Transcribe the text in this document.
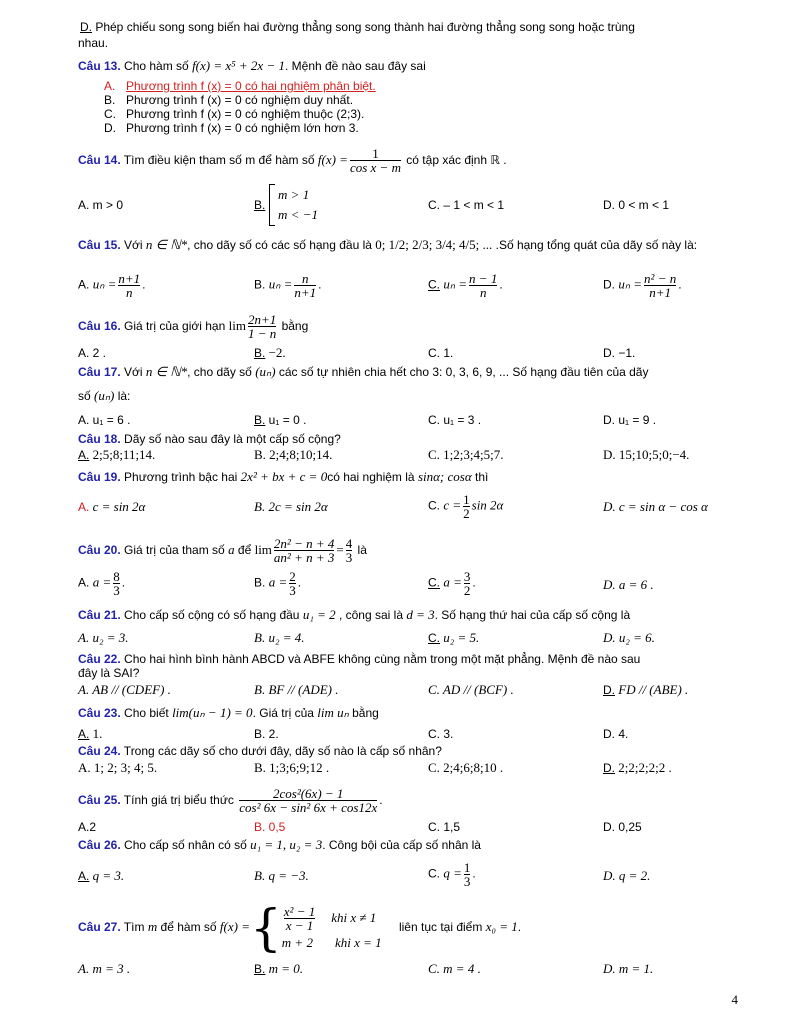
D. Phép chiếu song song biến hai đường thẳng song song thành hai đường thẳng song song hoặc trùng
nhau.
Câu 13. Cho hàm số f(x) = x⁵ + 2x − 1. Mệnh đề nào sau đây sai
A. Phương trình f (x) = 0 có hai nghiệm phân biệt.
B. Phương trình f (x) = 0 có nghiệm duy nhất.
C. Phương trình f (x) = 0 có nghiệm thuộc (2;3).
D. Phương trình f (x) = 0 có nghiệm lớn hơn 3.
Câu 14. Tìm điều kiện tham số m để hàm số $f(x) = \frac{1}{\text{cos x − m}}$ có tập xác định ℝ .
A. m > 0	B.
m > 1
m < −1
C. – 1 < m < 1	D. 0 < m < 1
Câu 15. Với n ∈ ℕ*, cho dãy số có các số hạng đầu là 0; 1/2; 2/3; 3/4; 4/5; ... .Số hạng tổng quát của dãy số này là:
A. $u_n = \frac{n+1}{n}$ .	B. $u_n = \frac{n}{n+1}$ .	C. $u_n = \frac{n - 1}{n}$ .	D. $u_n = \frac{\text{n² − n}}{n+1}$ .
Câu 16. Giá trị của giới hạn $\lim \frac{2n+1}{1 - n}$ bằng
A. 2 .	B. −2.	C. 1.	D. −1.
Câu 17. Với n ∈ ℕ*, cho dãy số (uₙ) các số tự nhiên chia hết cho 3: 0, 3, 6, 9, ... Số hạng đầu tiên của dãy
số (uₙ) là:
A. u₁ = 6 .	B. u₁ = 0 .	C. u₁ = 3 .	D. u₁ = 9 .
Câu 18. Dãy số nào sau đây là một cấp số cộng?
A. 2;5;8;11;14.	B. 2;4;8;10;14.	C. 1;2;3;4;5;7.	D. 15;10;5;0;−4.
Câu 19. Phương trình bậc hai 2x² + bx + c = 0có hai nghiệm là sinα; cosα thì
A. c = sin 2α	B. 2c = sin 2α	C. $c = \frac{1}{2}$ sin 2α	D. c = sin α − cos α
Câu 20. Giá trị của tham số a để $\lim \frac{\text{2n² − n + 4}}{\text{an² + n + 3}} = \frac{4}{3}$ là
A. $a = \frac{8}{3}$ .	B. $a = \frac{2}{3}$ .	C. $a = \frac{3}{2}$ .	D. a = 6 .
Câu 21. Cho cấp số cộng có số hạng đầu u₁ = 2 , công sai là d = 3. Số hạng thứ hai của cấp số cộng là
A. u₂ = 3.	B. u₂ = 4.	C. u₂ = 5.	D. u₂ = 6.
Câu 22. Cho hai hình bình hành ABCD và ABFE không cùng nằm trong một mặt phẳng. Mệnh đề nào sau
đây là SAI?
A. AB // (CDEF) .	B. BF // (ADE) .	C. AD // (BCF) .	D. FD // (ABE) .
Câu 23. Cho biết lim(uₙ − 1) = 0. Giá trị của lim uₙ bằng
A. 1.	B. 2.	C. 3.	D. 4.
Câu 24. Trong các dãy số cho dưới đây, dãy số nào là cấp số nhân?
A. 1; 2; 3; 4; 5.	B. 1;3;6;9;12 .	C. 2;4;6;8;10 .	D. 2;2;2;2;2 .
Câu 25. Tính giá trị biểu thức $\frac{\text{2cos²(6x) − 1}}{\text{cos² 6x − sin² 6x + cos12x}}$ .
A.2	B. 0,5	C. 1,5	D. 0,25
Câu 26. Cho cấp số nhân có số u₁ = 1, u₂ = 3. Công bội của cấp số nhân là
A. q = 3.	B. q = −3.	C. $q = \frac{1}{3}$ .	D. q = 2.
Câu 27. Tìm m để hàm số f(x) ={ $\frac{\text{x² − 1}}{x - 1}$ khi x ≠ 1
m + 2 khi x = 1
liên tục tại điểm x₀ = 1.
A. m = 3 .	B. m = 0.	C. m = 4 .	D. m = 1.
4
